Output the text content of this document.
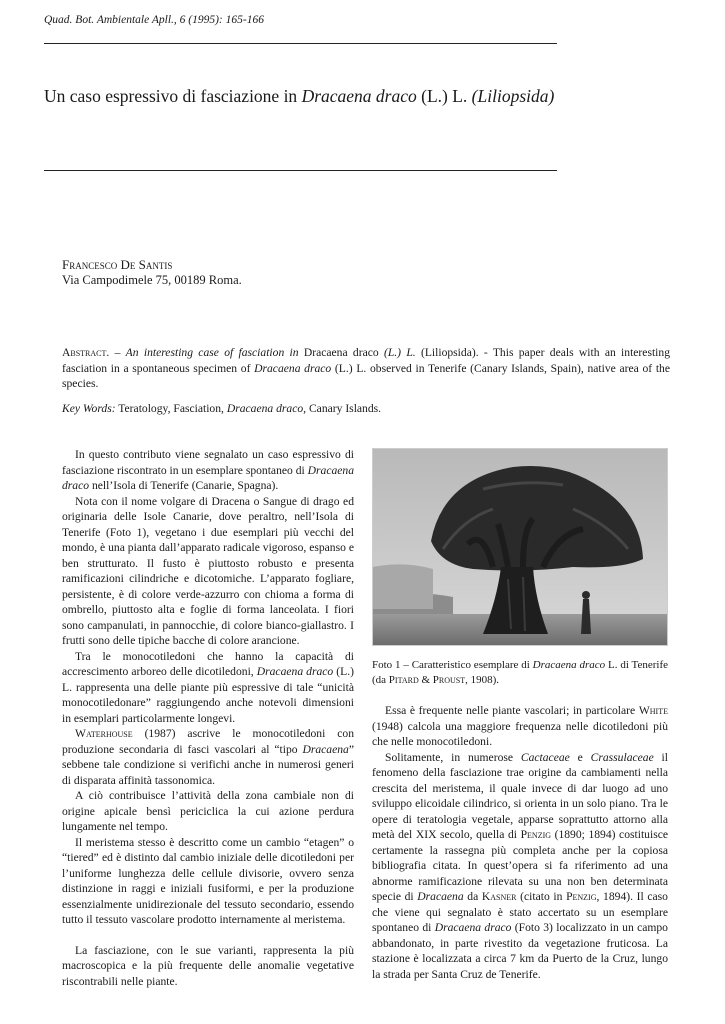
Quad. Bot. Ambientale Apll., 6 (1995): 165-166
Un caso espressivo di fasciazione in Dracaena draco (L.) L. (Liliopsida)
Francesco De Santis
Via Campodimele 75, 00189 Roma.
Abstract. – An interesting case of fasciation in Dracaena draco (L.) L. (Liliopsida). - This paper deals with an interesting fasciation in a spontaneous specimen of Dracaena draco (L.) L. observed in Tenerife (Canary Islands, Spain), native area of the species.
Key Words: Teratology, Fasciation, Dracaena draco, Canary Islands.

In questo contributo viene segnalato un caso espressivo di fasciazione riscontrato in un esemplare spontaneo di Dracaena draco nell’Isola di Tenerife (Canarie, Spagna).

Nota con il nome volgare di Dracena o Sangue di drago ed originaria delle Isole Canarie, dove peraltro, nell’Isola di Tenerife (Foto 1), vegetano i due esemplari più vecchi del mondo, è una pianta dall’apparato radicale vigoroso, espanso e ben strutturato. Il fusto è piuttosto robusto e presenta ramificazioni cilindriche e dicotomiche. L’apparato fogliare, persistente, è di colore verde-azzurro con chioma a forma di ombrello, piuttosto alta e foglie di forma lanceolata. I fiori sono campanulati, in pannocchie, di colore bianco-giallastro. I frutti sono delle tipiche bacche di colore arancione.

Tra le monocotiledoni che hanno la capacità di accrescimento arboreo delle dicotiledoni, Dracaena draco (L.) L. rappresenta una delle piante più espressive di tale “unicità monocotiledonare” raggiungendo anche notevoli dimensioni in esemplari particolarmente longevi.

Waterhouse (1987) ascrive le monocotiledoni con produzione secondaria di fasci vascolari al “tipo Dracaena” sebbene tale condizione si verifichi anche in numerosi generi di disparata affinità tassonomica.

A ciò contribuisce l’attività della zona cambiale non di origine apicale bensì periciclica la cui azione perdura lungamente nel tempo.

Il meristema stesso è descritto come un cambio “etagen” o “tiered” ed è distinto dal cambio iniziale delle dicotiledoni per l’uniforme lunghezza delle cellule divisorie, ovvero senza distinzione in raggi e iniziali fusiformi, e per la produzione essenzialmente unidirezionale del tessuto secondario, essendo tutto il tessuto vascolare prodotto internamente al meristema.

La fasciazione, con le sue varianti, rappresenta la più macroscopica e la più frequente delle anomalie vegetative riscontrabili nelle piante.

Foto 1 – Caratteristico esemplare di Dracaena draco L. di Tenerife (da Pitard & Proust, 1908).

Essa è frequente nelle piante vascolari; in particolare White (1948) calcola una maggiore frequenza nelle dicotiledoni più che nelle monocotiledoni.

Solitamente, in numerose Cactaceae e Crassulaceae il fenomeno della fasciazione trae origine da cambiamenti nella crescita del meristema, il quale invece di dar luogo ad uno sviluppo elicoidale cilindrico, si orienta in un solo piano. Tra le opere di teratologia vegetale, apparse soprattutto attorno alla metà del XIX secolo, quella di Penzig (1890; 1894) costituisce certamente la rassegna più completa anche per la copiosa bibliografia citata. In quest’opera si fa riferimento ad una abnorme ramificazione rilevata su una non ben determinata specie di Dracaena da Kasner (citato in Penzig, 1894). Il caso che viene qui segnalato è stato accertato su un esemplare spontaneo di Dracaena draco (Foto 3) localizzato in un campo abbandonato, in parte rivestito da vegetazione fruticosa. La stazione è localizzata a circa 7 km da Puerto de la Cruz, lungo la strada per Santa Cruz de Tenerife.
